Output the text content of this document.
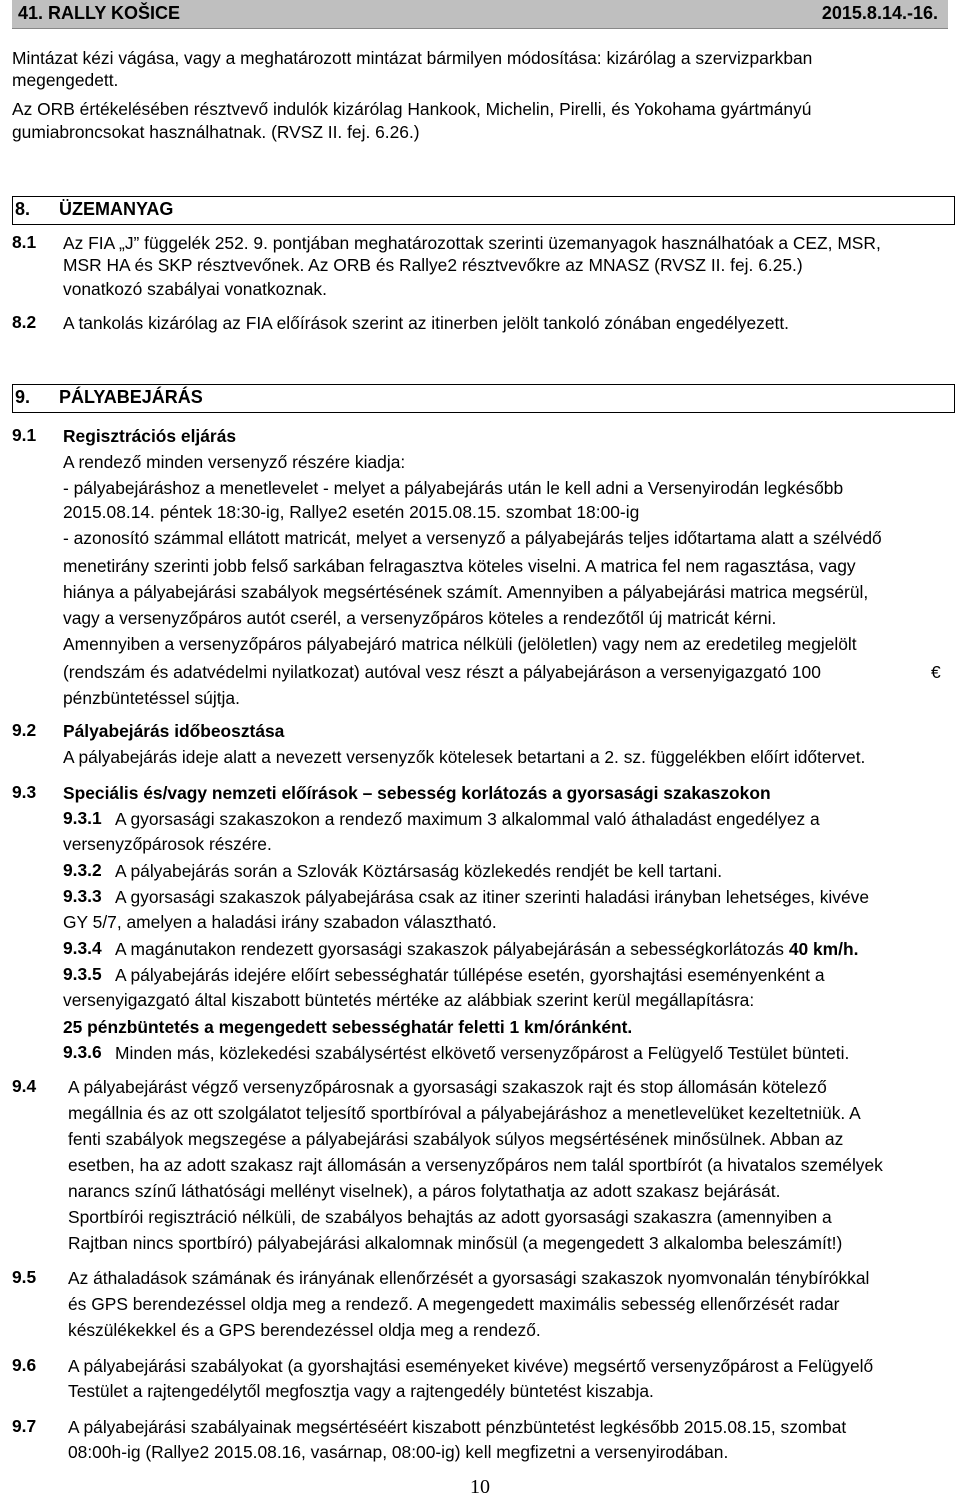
41. RALLY KOŠICE	2015.8.14.-16.
Mintázat kézi vágása, vagy a meghatározott mintázat bármilyen módosítása: kizárólag a szervizparkban
megengedett.
Az ORB értékelésében résztvevő indulók kizárólag Hankook, Michelin, Pirelli, és Yokohama gyártmányú
gumiabroncsokat használhatnak. (RVSZ II. fej. 6.26.)
8. ÜZEMANYAG
8.1 Az FIA „J” függelék 252. 9. pontjában meghatározottak szerinti üzemanyagok használhatóak a CEZ, MSR,
MSR HA és SKP résztvevőnek. Az ORB és Rallye2 résztvevőkre az MNASZ (RVSZ II. fej. 6.25.)
vonatkozó szabályai vonatkoznak.
8.2 A tankolás kizárólag az FIA előírások szerint az itinerben jelölt tankoló zónában engedélyezett.
9. PÁLYABEJÁRÁS
9.1 Regisztrációs eljárás
A rendező minden versenyző részére kiadja:
- pályabejáráshoz a menetlevelet - melyet a pályabejárás után le kell adni a Versenyirodán legkésőbb
2015.08.14. péntek 18:30-ig, Rallye2 esetén 2015.08.15. szombat 18:00-ig
- azonosító számmal ellátott matricát, melyet a versenyző a pályabejárás teljes időtartama alatt a szélvédő
menetirány szerinti jobb felső sarkában felragasztva köteles viselni. A matrica fel nem ragasztása, vagy
hiánya a pályabejárási szabályok megsértésének számít. Amennyiben a pályabejárási matrica megsérül,
vagy a versenyzőpáros autót cserél, a versenyzőpáros köteles a rendezőtől új matricát kérni.
Amennyiben a versenyzőpáros pályabejáró matrica nélküli (jelöletlen) vagy nem az eredetileg megjelölt
(rendszám és adatvédelmi nyilatkozat) autóval vesz részt a pályabejáráson a versenyigazgató 100	€
pénzbüntetéssel sújtja.
9.2 Pályabejárás időbeosztása
A pályabejárás ideje alatt a nevezett versenyzők kötelesek betartani a 2. sz. függelékben előírt időtervet.
9.3 Speciális és/vagy nemzeti előírások – sebesség korlátozás a gyorsasági szakaszokon
9.3.1 A gyorsasági szakaszokon a rendező maximum 3 alkalommal való áthaladást engedélyez a
versenyzőpárosok részére.
9.3.2 A pályabejárás során a Szlovák Köztársaság közlekedés rendjét be kell tartani.
9.3.3 A gyorsasági szakaszok pályabejárása csak az itiner szerinti haladási irányban lehetséges, kivéve
GY 5/7, amelyen a haladási irány szabadon választható.
9.3.4 A magánutakon rendezett gyorsasági szakaszok pályabejárásán a sebességkorlátozás 40 km/h.
9.3.5 A pályabejárás idejére előírt sebességhatár túllépése esetén, gyorshajtási eseményenként a
versenyigazgató által kiszabott büntetés mértéke az alábbiak szerint kerül megállapításra:
25 pénzbüntetés a megengedett sebességhatár feletti 1 km/óránként.
9.3.6 Minden más, közlekedési szabálysértést elkövető versenyzőpárost a Felügyelő Testület bünteti.
9.4 A pályabejárást végző versenyzőpárosnak a gyorsasági szakaszok rajt és stop állomásán kötelező
megállnia és az ott szolgálatot teljesítő sportbíróval a pályabejáráshoz a menetlevelüket kezeltetniük. A
fenti szabályok megszegése a pályabejárási szabályok súlyos megsértésének minősülnek. Abban az
esetben, ha az adott szakasz rajt állomásán a versenyzőpáros nem talál sportbírót (a hivatalos személyek
narancs színű láthatósági mellényt viselnek), a páros folytathatja az adott szakasz bejárását.
Sportbírói regisztráció nélküli, de szabályos behajtás az adott gyorsasági szakaszra (amennyiben a
Rajtban nincs sportbíró) pályabejárási alkalomnak minősül (a megengedett 3 alkalomba beleszámít!)
9.5 Az áthaladások számának és irányának ellenőrzését a gyorsasági szakaszok nyomvonalán ténybírókkal
és GPS berendezéssel oldja meg a rendező. A megengedett maximális sebesség ellenőrzését radar
készülékekkel és a GPS berendezéssel oldja meg a rendező.
9.6 A pályabejárási szabályokat (a gyorshajtási eseményeket kivéve) megsértő versenyzőpárost a Felügyelő
Testület a rajtengedélytől megfosztja vagy a rajtengedély büntetést kiszabja.
9.7 A pályabejárási szabályainak megsértéséért kiszabott pénzbüntetést legkésőbb 2015.08.15, szombat
08:00h-ig (Rallye2 2015.08.16, vasárnap, 08:00-ig) kell megfizetni a versenyirodában.
10
